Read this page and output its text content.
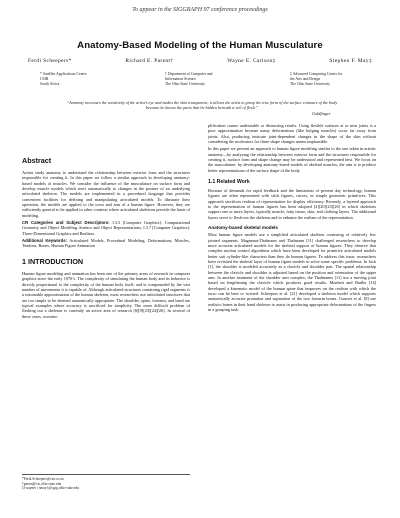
To appear in the SIGGRAPH 97 conference proceedings
Anatomy-Based Modeling of the Human Musculature
Ferdi Scheepers*	Richard E. Parent†	Wayne E. Carlson‡	Stephen F. May‡
* Satellite Applications Centre
CSIR
South Africa
† Department of Computer and
Information Science
The Ohio State University
‡ Advanced Computing Center for
the Arts and Design
The Ohio State University
“Anatomy increases the sensitivity of the artist’s eye and makes the skin transparent; it allows the artist to grasp the true form of the surface contours of the body because he knows the parts that lie hidden beneath a veil of flesh.”
Goldfinger
Abstract

Artists study anatomy to understand the relationship between exterior form and the structures responsible for creating it. In this paper we follow a similar approach in developing anatomy-based models of muscles. We consider the influence of the musculature on surface form and develop muscle models which react automatically to changes in the posture of an underlying articulated skeleton. The models are implemented in a procedural language that provides convenient facilities for defining and manipulating articulated models. To illustrate their operation, the models are applied to the torso and arm of a human figure. However, they are sufficiently general to be applied in other contexts where articulated skeletons provide the basis of modeling.

CR Categories and Subject Descriptors: I.3.5 [Computer Graphics]: Computational Geometry and Object Modeling–Surface and Object Representations; I.3.7 [Computer Graphics]: Three-Dimensional Graphics and Realism.

Additional Keywords: Articulated Models, Procedural Modeling, Deformations, Muscles, Tendons, Bones, Human Figure Animation

1 INTRODUCTION

Human figure modeling and animation has been one of the primary areas of research in computer graphics since the early 1970’s. The complexity of simulating the human body and its behavior is directly proportional to the complexity of the human body itself, and is compounded by the vast number of movements it is capable of. Although articulated structures containing rigid segments is a reasonable approximation of the human skeleton, most researchers use articulated structures that are too simple to be deemed anatomically appropriate. The shoulder, spine, forearm, and hand are typical examples where accuracy is sacrificed for simplicity. The more difficult problem of fleshing out a skeleton is currently an active area of research [6][9][23][24][26]. In several of these cases, oversim-

*Ferdi.Scheepers@csir.co.za
†parent@cis.ohio-state.edu
‡{waynec | smay}@cgrg.ohio-state.edu

plification causes undesirable or distracting results. Using flexible surfaces at or near joints is a poor approximation because many deformations (like bulging muscles) occur far away from joints. Also, producing intricate joint-dependent changes in the shape of the skin without considering the motivators for these shape changes seems implausible.

In this paper we present an approach to human figure modeling similar to the one taken in artistic anatomy—by analyzing the relationship between exterior form and the structures responsible for creating it, surface form and shape change may be understood and represented best. We focus on the musculature: by developing anatomy-based models of skeletal muscles, the aim is to produce better representations of the surface shape of the body.

1.1 Related Work

Because of demands for rapid feedback and the limitations of present day technology, human figures are often represented with stick figures, curves, or simple geometric primitives. This approach sacrifices realism of representation for display efficiency. Recently, a layered approach to the representation of human figures has been adopted [2][20][23][26] in which skeletons support one or more layers, typically muscle, fatty tissue, skin, and clothing layers. The additional layers serve to flesh-out the skeleton and to enhance the realism of the representation.

Anatomy-based skeletal models

Most human figure models use a simplified articulated skeleton consisting of relatively few jointed segments. Magnenat-Thalmann and Thalmann [11] challenged researchers to develop more accurate articulated models for the skeletal support of human figures. They observe that complex motion control algorithms which have been developed for primitive articulated models better suit cylinder-like characters than they do human figures. To address this issue, researchers have revisited the skeletal layer of human figure models to solve some specific problems. In Jack [1], the shoulder is modeled accurately as a clavicle and shoulder pair. The spatial relationship between the clavicle and shoulder is adjusted based on the position and orientation of the upper arm. In another treatment of the shoulder arm complex, the Thalmanns [11] use a moving joint based on lengthening the clavicle which produces good results. Monheit and Badler [14] developed a kinematic model of the human spine that improves on the realism with which the torso can be bent or twisted. Scheepers et al. [21] developed a skeleton model which supports anatomically accurate pronation and supination of the two forearm bones. Gourret et al. [8] use realistic bones in their hand skeleton to assist in producing appropriate deformations of the fingers in a grasping task.
